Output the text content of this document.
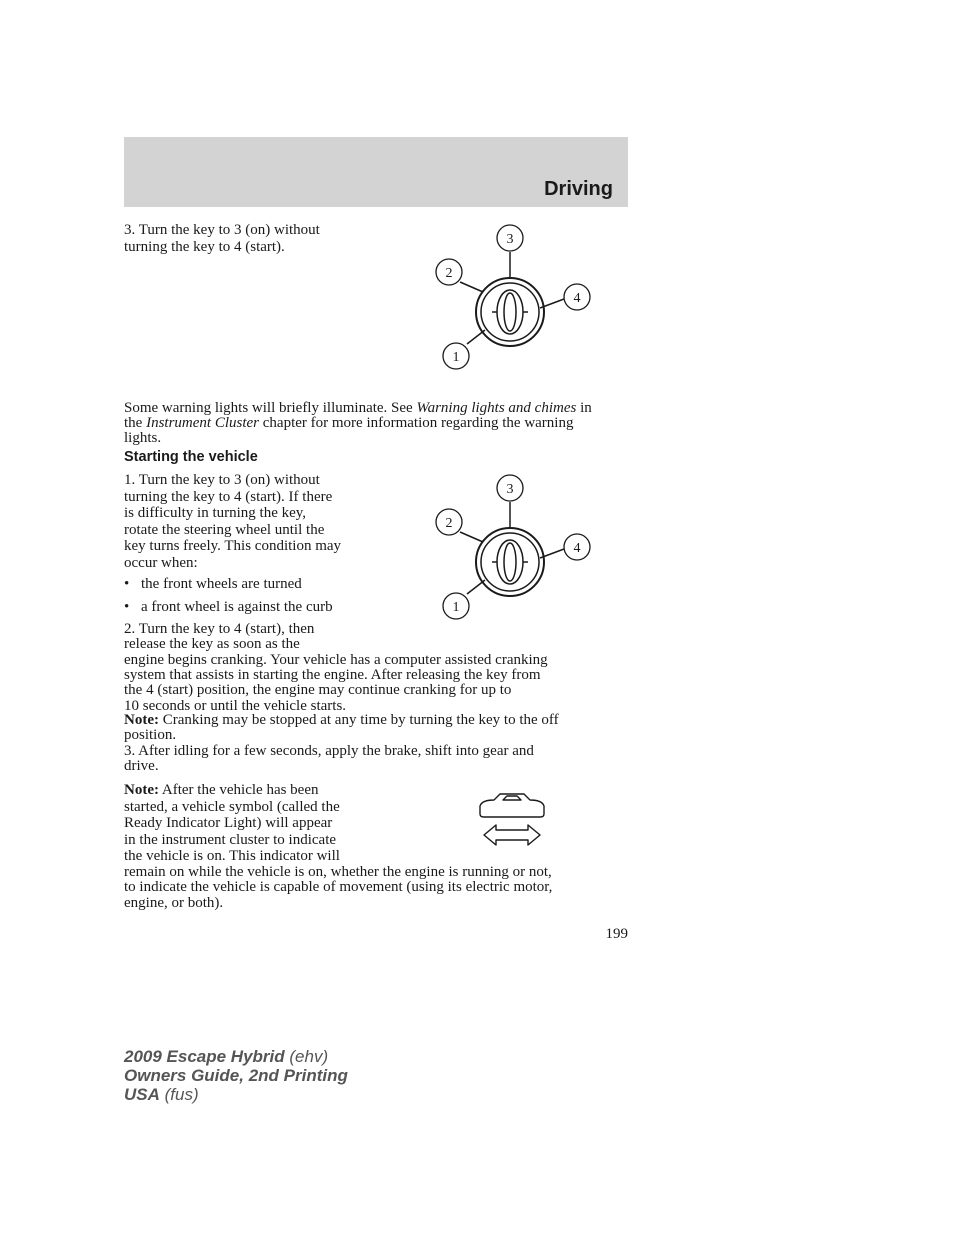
Driving
3. Turn the key to 3 (on) without
turning the key to 4 (start).	3
2
4
1
Some warning lights will briefly illuminate. See Warning lights and chimes in the Instrument Cluster chapter for more information regarding the warning lights.
Starting the vehicle
1. Turn the key to 3 (on) without
turning the key to 4 (start). If there
is difficulty in turning the key,
rotate the steering wheel until the
key turns freely. This condition may
occur when:
• the front wheels are turned
• a front wheel is against the curb
3
2
4
1
2. Turn the key to 4 (start), then
release the key as soon as the
engine begins cranking. Your vehicle has a computer assisted cranking
system that assists in starting the engine. After releasing the key from
the 4 (start) position, the engine may continue cranking for up to
10 seconds or until the vehicle starts.
Note: Cranking may be stopped at any time by turning the key to the off
position.
3. After idling for a few seconds, apply the brake, shift into gear and
drive.
Note: After the vehicle has been
started, a vehicle symbol (called the
Ready Indicator Light) will appear
in the instrument cluster to indicate
the vehicle is on. This indicator will
remain on while the vehicle is on, whether the engine is running or not,
to indicate the vehicle is capable of movement (using its electric motor,
engine, or both).
199
2009 Escape Hybrid (ehv)
Owners Guide, 2nd Printing
USA (fus)
